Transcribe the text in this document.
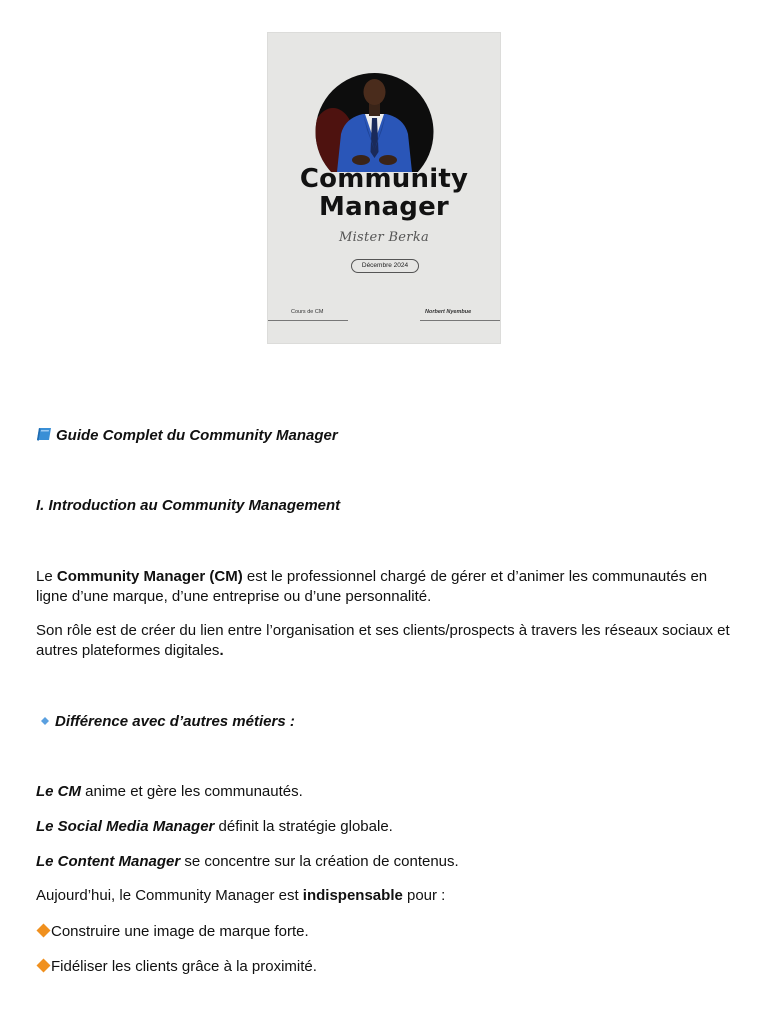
Community
Manager
Mister Berka
Décembre 2024
Cours de CM	Norbert Nyembue
Guide Complet du Community Manager
I. Introduction au Community Management
Le Community Manager (CM) est le professionnel chargé de gérer et d’animer les communautés en ligne d’une marque, d’une entreprise ou d’une personnalité.
Son rôle est de créer du lien entre l’organisation et ses clients/prospects à travers les réseaux sociaux et autres plateformes digitales.
Différence avec d’autres métiers :
Le CM anime et gère les communautés.
Le Social Media Manager définit la stratégie globale.
Le Content Manager se concentre sur la création de contenus.
Aujourd’hui, le Community Manager est indispensable pour :
Construire une image de marque forte.
Fidéliser les clients grâce à la proximité.
